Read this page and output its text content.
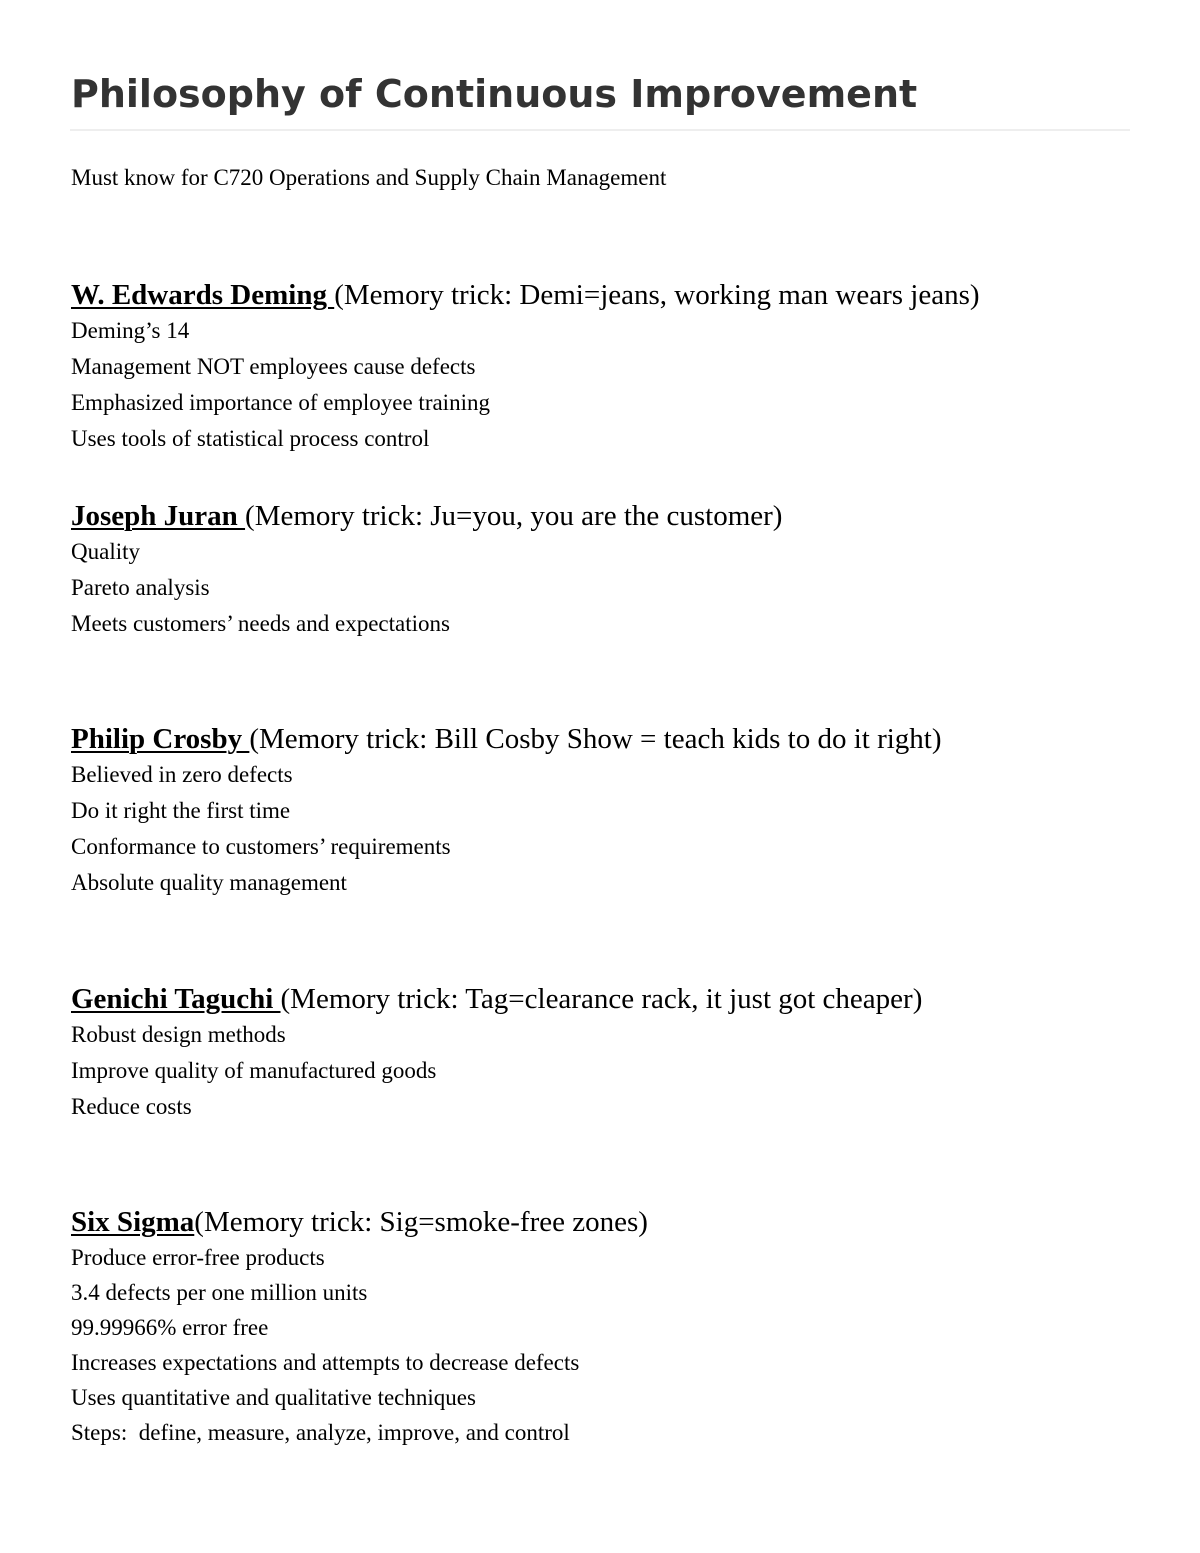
Philosophy of Continuous Improvement

Must know for C720 Operations and Supply Chain Management

W. Edwards Deming (Memory trick: Demi=jeans, working man wears jeans)

Deming’s 14
Management NOT employees cause defects
Emphasized importance of employee training
Uses tools of statistical process control

Joseph Juran (Memory trick: Ju=you, you are the customer)

Quality
Pareto analysis
Meets customers’ needs and expectations

Philip Crosby (Memory trick: Bill Cosby Show = teach kids to do it right)

Believed in zero defects
Do it right the first time
Conformance to customers’ requirements
Absolute quality management

Genichi Taguchi (Memory trick: Tag=clearance rack, it just got cheaper)

Robust design methods
Improve quality of manufactured goods
Reduce costs

Six Sigma(Memory trick: Sig=smoke-free zones)

Produce error-free products
3.4 defects per one million units
99.99966% error free
Increases expectations and attempts to decrease defects
Uses quantitative and qualitative techniques
Steps:  define, measure, analyze, improve, and control
